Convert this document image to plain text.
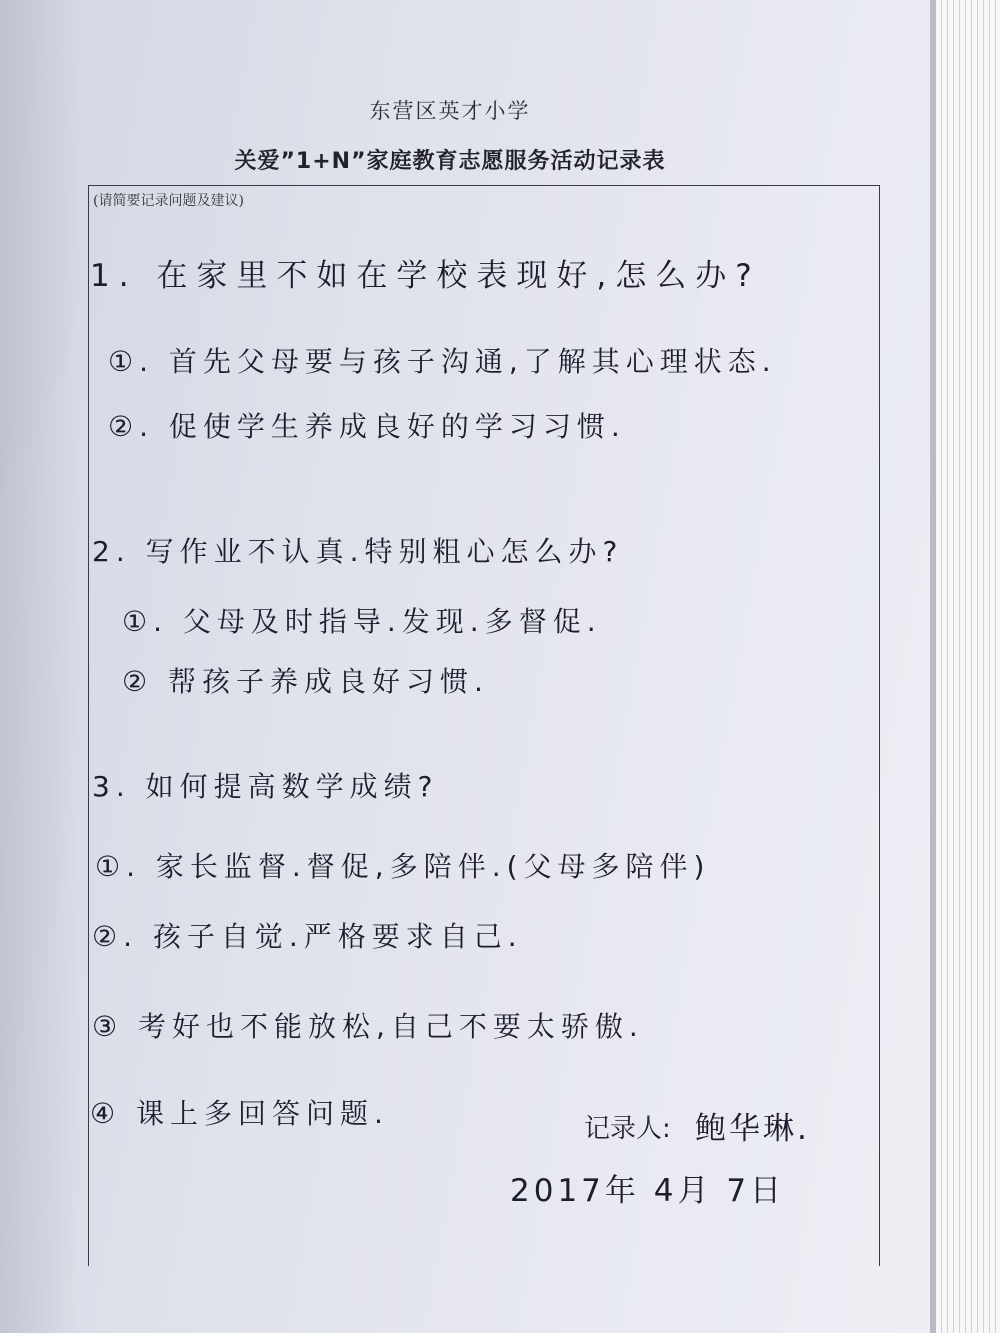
东营区英才小学
关爱”1+N”家庭教育志愿服务活动记录表
(请简要记录问题及建议)
1. 在家里不如在学校表现好,怎么办?
①. 首先父母要与孩子沟通,了解其心理状态.
②. 促使学生养成良好的学习习惯.
2. 写作业不认真.特别粗心怎么办?
①. 父母及时指导.发现.多督促.
② 帮孩子养成良好习惯.
3. 如何提高数学成绩?
①. 家长监督.督促,多陪伴.(父母多陪伴)
②. 孩子自觉.严格要求自己.
③ 考好也不能放松,自己不要太骄傲.
④ 课上多回答问题.	记录人: 鲍华琳.
2017年 4月 7日
